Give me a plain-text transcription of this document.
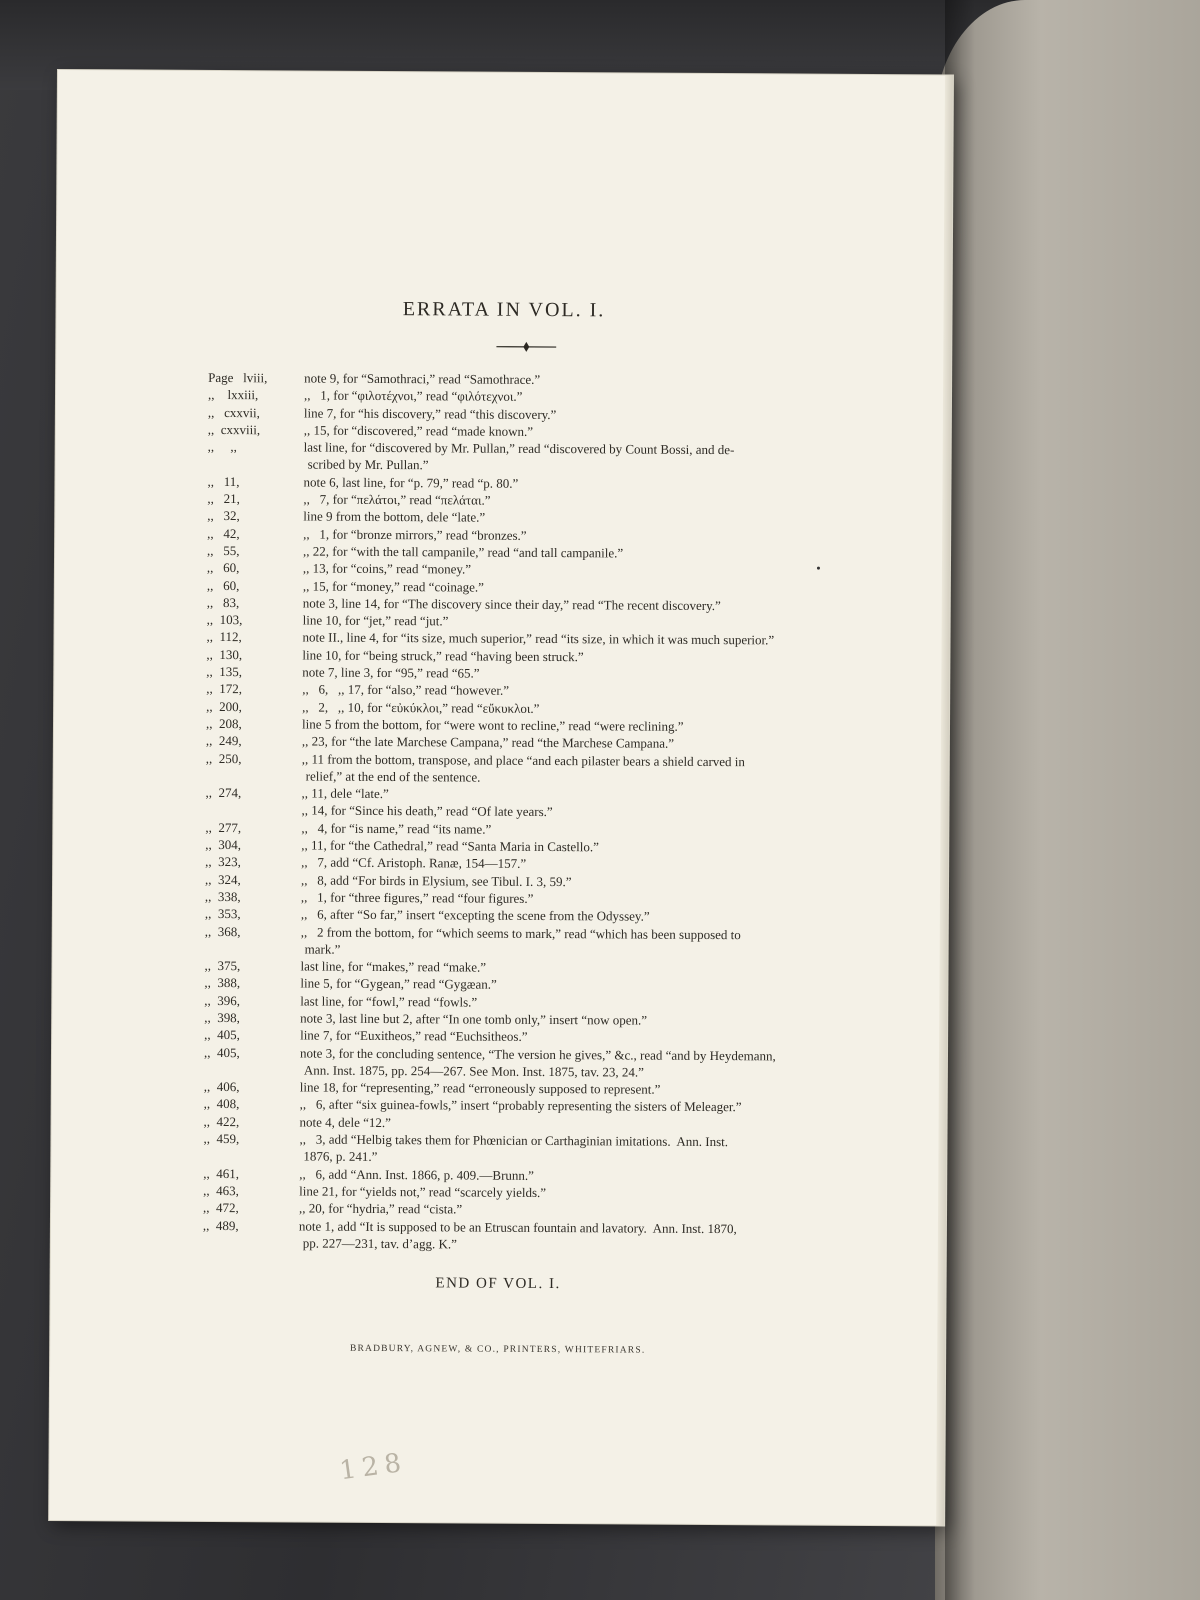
ERRATA IN VOL. I.
Page   lviii,	note 9, for “Samothraci,” read “Samothrace.”
,,    lxxiii,	,,   1, for “φιλοτέχνοι,” read “φιλότεχνοι.”
,,   cxxvii,	line 7, for “his discovery,” read “this discovery.”
,,  cxxviii,	,, 15, for “discovered,” read “made known.”
,,     ,,	last line, for “discovered by Mr. Pullan,” read “discovered by Count Bossi, and de-
scribed by Mr. Pullan.”
,,   11,	note 6, last line, for “p. 79,” read “p. 80.”
,,   21,	,,   7, for “πελάτοι,” read “πελάται.”
,,   32,	line 9 from the bottom, dele “late.”
,,   42,	,,   1, for “bronze mirrors,” read “bronzes.”
,,   55,	,, 22, for “with the tall campanile,” read “and tall campanile.”
,,   60,	,, 13, for “coins,” read “money.”
,,   60,	,, 15, for “money,” read “coinage.”
,,   83,	note 3, line 14, for “The discovery since their day,” read “The recent discovery.”
,,  103,	line 10, for “jet,” read “jut.”
,,  112,	note II., line 4, for “its size, much superior,” read “its size, in which it was much superior.”
,,  130,	line 10, for “being struck,” read “having been struck.”
,,  135,	note 7, line 3, for “95,” read “65.”
,,  172,	,,   6,   ,, 17, for “also,” read “however.”
,,  200,	,,   2,   ,, 10, for “εὐκύκλοι,” read “εὔκυκλοι.”
,,  208,	line 5 from the bottom, for “were wont to recline,” read “were reclining.”
,,  249,	,, 23, for “the late Marchese Campana,” read “the Marchese Campana.”
,,  250,	,, 11 from the bottom, transpose, and place “and each pilaster bears a shield carved in
relief,” at the end of the sentence.
,,  274,	,, 11, dele “late.”
,, 14, for “Since his death,” read “Of late years.”
,,  277,	,,   4, for “is name,” read “its name.”
,,  304,	,, 11, for “the Cathedral,” read “Santa Maria in Castello.”
,,  323,	,,   7, add “Cf. Aristoph. Ranæ, 154—157.”
,,  324,	,,   8, add “For birds in Elysium, see Tibul. I. 3, 59.”
,,  338,	,,   1, for “three figures,” read “four figures.”
,,  353,	,,   6, after “So far,” insert “excepting the scene from the Odyssey.”
,,  368,	,,   2 from the bottom, for “which seems to mark,” read “which has been supposed to
mark.”
,,  375,	last line, for “makes,” read “make.”
,,  388,	line 5, for “Gygean,” read “Gygæan.”
,,  396,	last line, for “fowl,” read “fowls.”
,,  398,	note 3, last line but 2, after “In one tomb only,” insert “now open.”
,,  405,	line 7, for “Euxitheos,” read “Euchsitheos.”
,,  405,	note 3, for the concluding sentence, “The version he gives,” &c., read “and by Heydemann,
Ann. Inst. 1875, pp. 254—267. See Mon. Inst. 1875, tav. 23, 24.”
,,  406,	line 18, for “representing,” read “erroneously supposed to represent.”
,,  408,	,,   6, after “six guinea-fowls,” insert “probably representing the sisters of Meleager.”
,,  422,	note 4, dele “12.”
,,  459,	,,   3, add “Helbig takes them for Phœnician or Carthaginian imitations.  Ann. Inst.
1876, p. 241.”
,,  461,	,,   6, add “Ann. Inst. 1866, p. 409.—Brunn.”
,,  463,	line 21, for “yields not,” read “scarcely yields.”
,,  472,	,, 20, for “hydria,” read “cista.”
,,  489,	note 1, add “It is supposed to be an Etruscan fountain and lavatory.  Ann. Inst. 1870,
pp. 227—231, tav. d’agg. K.”
END OF VOL. I.
BRADBURY, AGNEW, & CO., PRINTERS, WHITEFRIARS.
128
